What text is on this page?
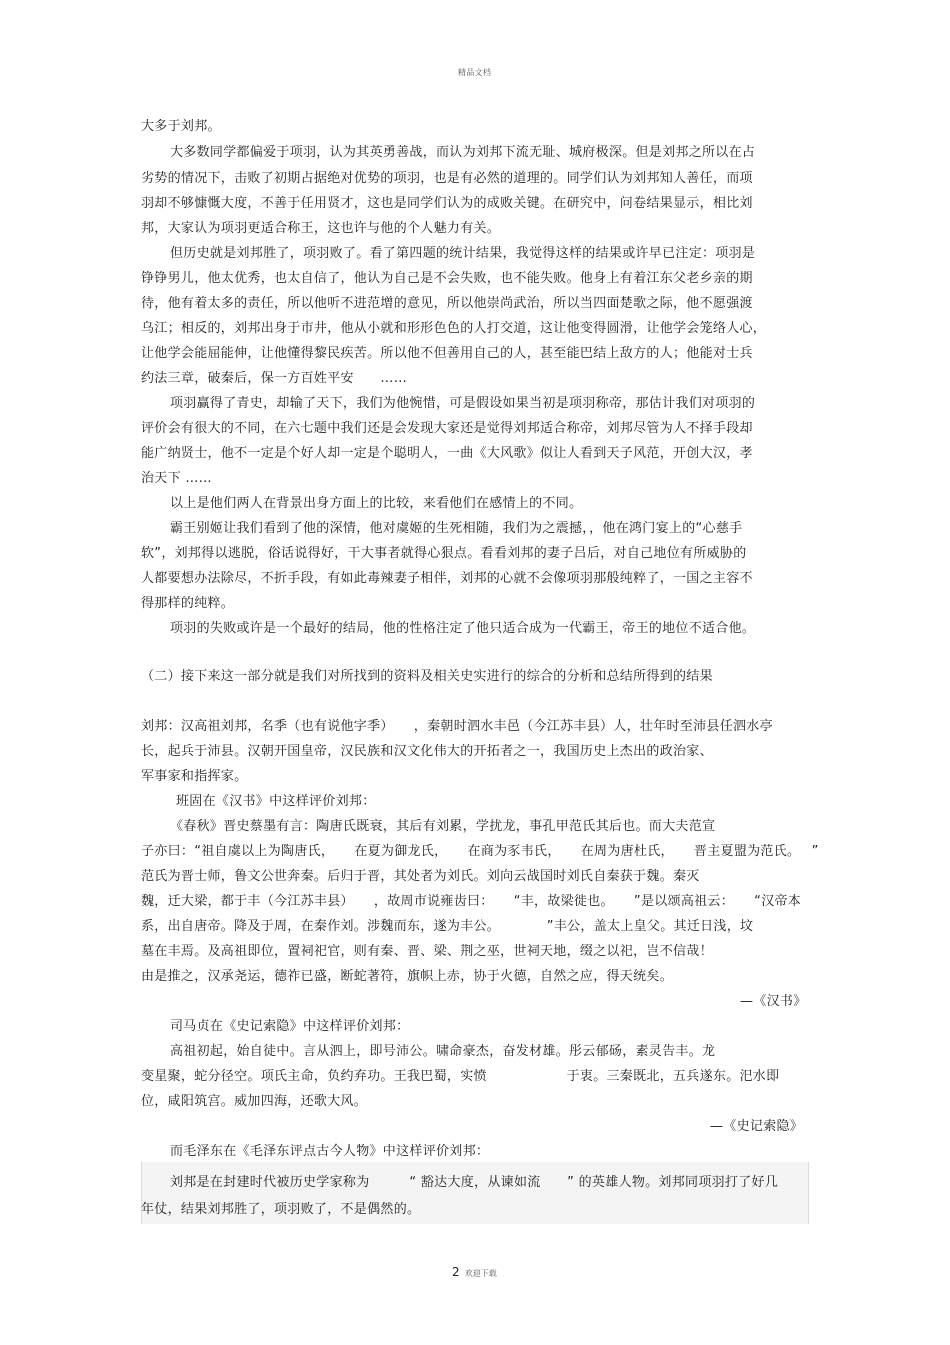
精品文档
大多于刘邦。
大多数同学都偏爱于项羽，认为其英勇善战，而认为刘邦下流无耻、城府极深。但是刘邦之所以在占
劣势的情况下，击败了初期占据绝对优势的项羽，也是有必然的道理的。同学们认为刘邦知人善任，而项
羽却不够慷慨大度，不善于任用贤才，这也是同学们认为的成败关键。在研究中，问卷结果显示，相比刘
邦，大家认为项羽更适合称王，这也许与他的个人魅力有关。
但历史就是刘邦胜了，项羽败了。看了第四题的统计结果，我觉得这样的结果或许早已注定：项羽是
铮铮男儿，他太优秀，也太自信了，他认为自己是不会失败，也不能失败。他身上有着江东父老乡亲的期
待，他有着太多的责任，所以他听不进范增的意见，所以他崇尚武治，所以当四面楚歌之际，他不愿强渡
乌江；相反的，刘邦出身于市井，他从小就和形形色色的人打交道，这让他变得圆滑，让他学会笼络人心，
让他学会能屈能伸，让他懂得黎民疾苦。所以他不但善用自己的人，甚至能巴结上敌方的人；他能对士兵
约法三章，破秦后，保一方百姓平安　　……
项羽赢得了青史，却输了天下，我们为他惋惜，可是假设如果当初是项羽称帝，那估计我们对项羽的
评价会有很大的不同，在六七题中我们还是会发现大家还是觉得刘邦适合称帝，刘邦尽管为人不择手段却
能广纳贤士，他不一定是个好人却一定是个聪明人，一曲《大风歌》似让人看到天子风范，开创大汉，孝
治天下 ……
以上是他们两人在背景出身方面上的比较，来看他们在感情上的不同。
霸王别姬让我们看到了他的深情，他对虞姬的生死相随，我们为之震撼，，他在鸿门宴上的“心慈手
软”，刘邦得以逃脱，俗话说得好，干大事者就得心狠点。看看刘邦的妻子吕后，对自己地位有所威胁的
人都要想办法除尽，不折手段，有如此毒辣妻子相伴，刘邦的心就不会像项羽那般纯粹了，一国之主容不
得那样的纯粹。
项羽的失败或许是一个最好的结局，他的性格注定了他只适合成为一代霸王，帝王的地位不适合他。
（二）接下来这一部分就是我们对所找到的资料及相关史实进行的综合的分析和总结所得到的结果
刘邦：汉高祖刘邦，名季（也有说他字季）　　，秦朝时泗水丰邑（今江苏丰县）人，壮年时至沛县任泗水亭
长，起兵于沛县。汉朝开国皇帝，汉民族和汉文化伟大的开拓者之一，我国历史上杰出的政治家、
军事家和指挥家。
班固在《汉书》中这样评价刘邦：
《春秋》晋史蔡墨有言：陶唐氏既衰，其后有刘累，学扰龙，事孔甲范氏其后也。而大夫范宣
子亦曰：“祖自虞以上为陶唐氏，　　在夏为御龙氏，　　在商为豕韦氏，　　在周为唐杜氏，　　晋主夏盟为范氏。　 ”
范氏为晋士师，鲁文公世奔秦。后归于晋，其处者为刘氏。刘向云战国时刘氏自秦获于魏。秦灭
魏，迁大梁，都于丰（今江苏丰县）　　，故周市说雍齿曰：　　“丰，故梁徙也。　　”是以颂高祖云：　　“汉帝本
系，出自唐帝。降及于周，在秦作刘。涉魏而东，遂为丰公。　　　　”丰公，盖太上皇父。其迁日浅，坟
墓在丰焉。及高祖即位，置祠祀官，则有秦、晋、梁、荆之巫，世祠天地，缀之以祀，岂不信哉！
由是推之，汉承尧运，德祚已盛，断蛇著符，旗帜上赤，协于火德，自然之应，得天统矣。
—《汉书》
司马贞在《史记索隐》中这样评价刘邦：
高祖初起，始自徒中。言从泗上，即号沛公。啸命豪杰，奋发材雄。彤云郁砀，素灵告丰。龙
变星聚，蛇分径空。项氏主命，负约弃功。王我巴蜀，实愤　　　　　　于衷。三秦既北，五兵遂东。汜水即
位，咸阳筑宫。威加四海，还歌大风。
—《史记索隐》
而毛泽东在《毛泽东评点古今人物》中这样评价刘邦：
刘邦是在封建时代被历史学家称为　　　“ 豁达大度，从谏如流　　” 的英雄人物。刘邦同项羽打了好几
年仗，结果刘邦胜了，项羽败了，不是偶然的。
2 欢迎下载
